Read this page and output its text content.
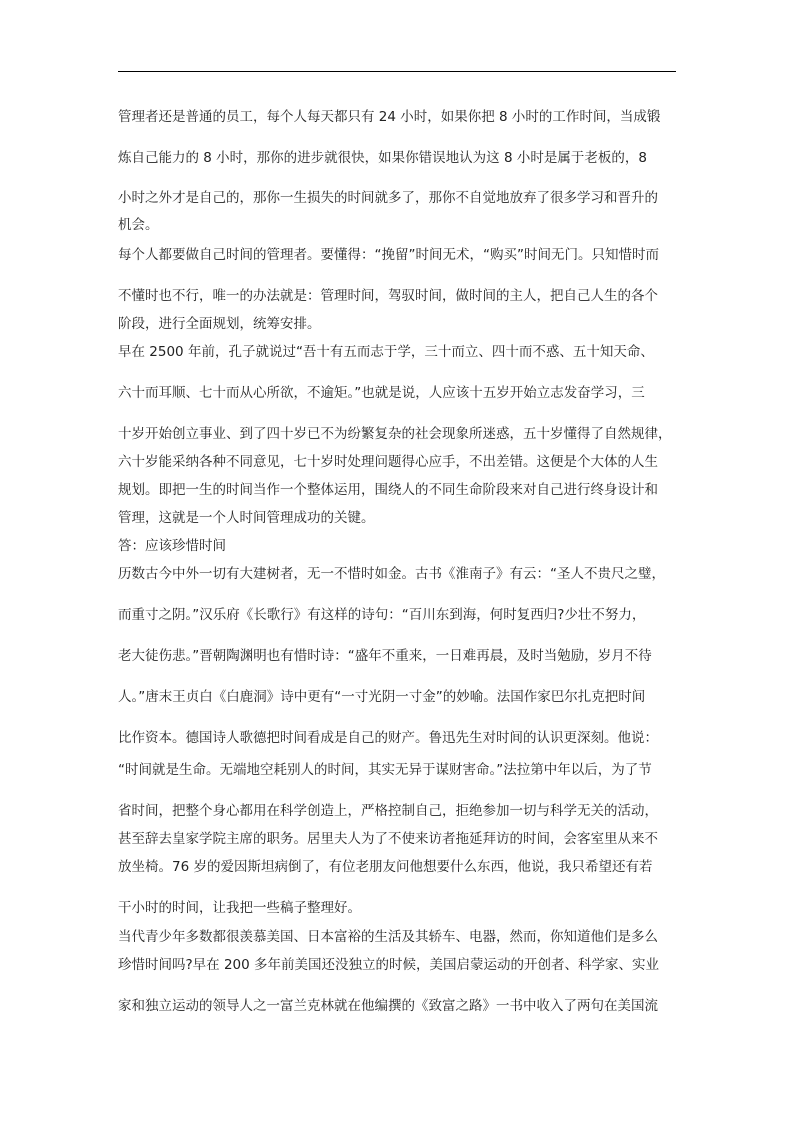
管理者还是普通的员工，每个人每天都只有 24 小时，如果你把 8 小时的工作时间，当成锻
炼自己能力的 8 小时，那你的进步就很快，如果你错误地认为这 8 小时是属于老板的，8
小时之外才是自己的，那你一生损失的时间就多了，那你不自觉地放弃了很多学习和晋升的
机会。
每个人都要做自己时间的管理者。要懂得：“挽留”时间无术，“购买”时间无门。只知惜时而
不懂时也不行，唯一的办法就是：管理时间，驾驭时间，做时间的主人，把自己人生的各个
阶段，进行全面规划，统筹安排。
早在 2500 年前，孔子就说过“吾十有五而志于学，三十而立、四十而不惑、五十知天命、
六十而耳顺、七十而从心所欲，不逾矩。”也就是说，人应该十五岁开始立志发奋学习，三
十岁开始创立事业、到了四十岁已不为纷繁复杂的社会现象所迷惑，五十岁懂得了自然规律，
六十岁能采纳各种不同意见，七十岁时处理问题得心应手，不出差错。这便是个大体的人生
规划。即把一生的时间当作一个整体运用，围绕人的不同生命阶段来对自己进行终身设计和
管理，这就是一个人时间管理成功的关键。
答：应该珍惜时间
历数古今中外一切有大建树者，无一不惜时如金。古书《淮南子》有云：“圣人不贵尺之璧，
而重寸之阴。”汉乐府《长歌行》有这样的诗句：“百川东到海，何时复西归?少壮不努力，
老大徒伤悲。”晋朝陶渊明也有惜时诗：“盛年不重来，一日难再晨，及时当勉励，岁月不待
人。”唐末王贞白《白鹿洞》诗中更有“一寸光阴一寸金”的妙喻。法国作家巴尔扎克把时间
比作资本。德国诗人歌德把时间看成是自己的财产。鲁迅先生对时间的认识更深刻。他说：
“时间就是生命。无端地空耗别人的时间，其实无异于谋财害命。”法拉第中年以后，为了节
省时间，把整个身心都用在科学创造上，严格控制自己，拒绝参加一切与科学无关的活动，
甚至辞去皇家学院主席的职务。居里夫人为了不使来访者拖延拜访的时间，会客室里从来不
放坐椅。76 岁的爱因斯坦病倒了，有位老朋友问他想要什么东西，他说，我只希望还有若
干小时的时间，让我把一些稿子整理好。
当代青少年多数都很羡慕美国、日本富裕的生活及其轿车、电器，然而，你知道他们是多么
珍惜时间吗?早在 200 多年前美国还没独立的时候，美国启蒙运动的开创者、科学家、实业
家和独立运动的领导人之一富兰克林就在他编撰的《致富之路》一书中收入了两句在美国流
